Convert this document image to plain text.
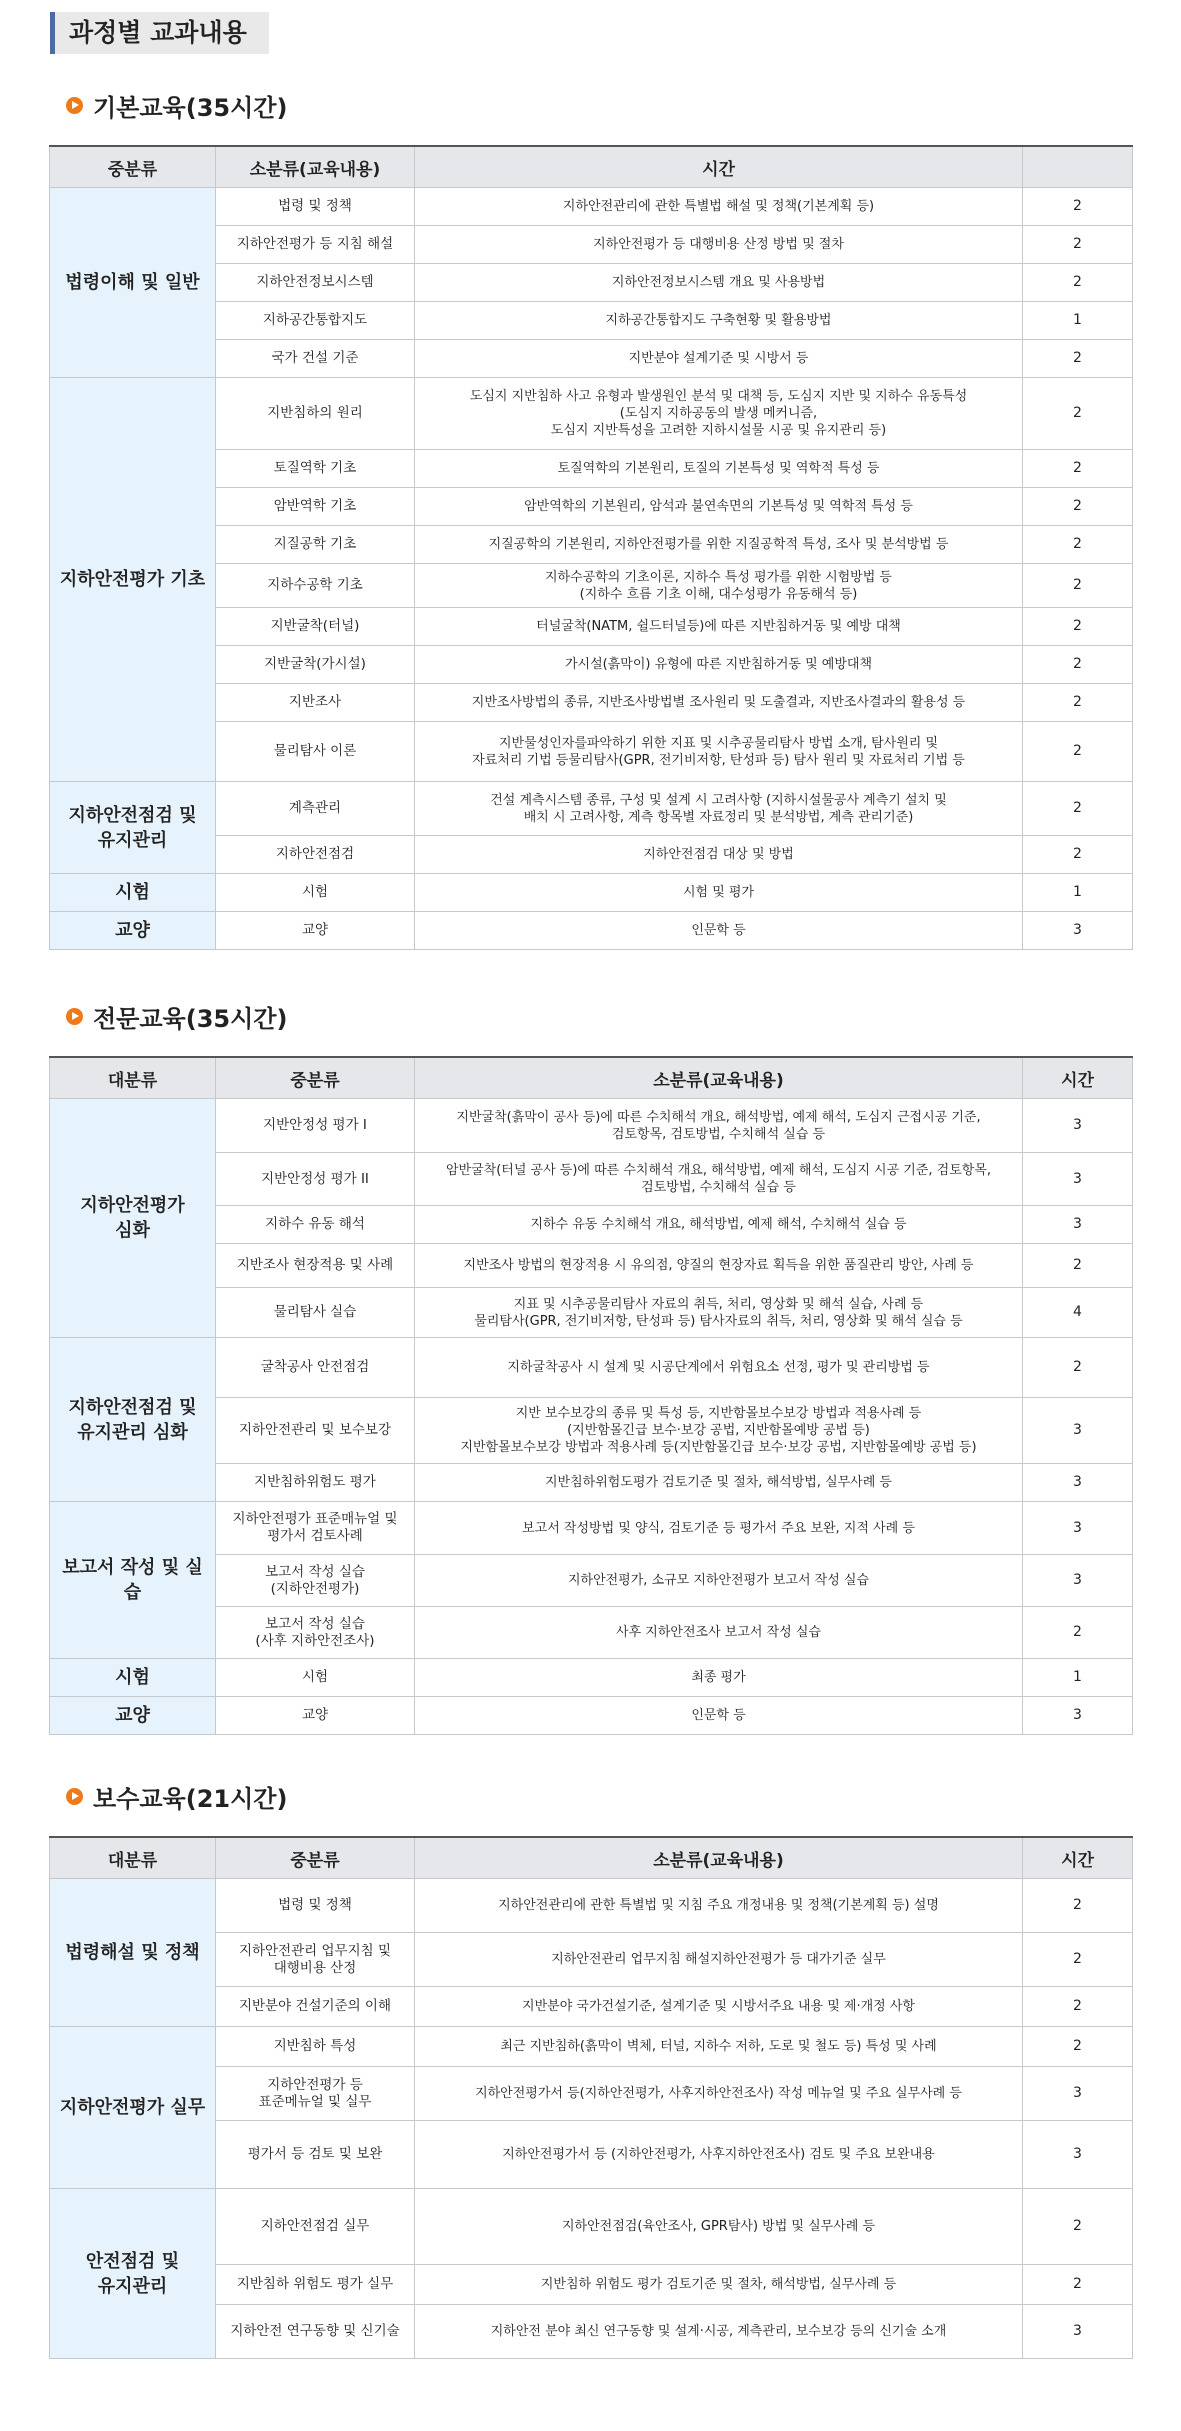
과정별 교과내용
기본교육(35시간)
중분류	소분류(교육내용)	시간	
법령이해 및 일반	법령 및 정책	지하안전관리에 관한 특별법 해설 및 정책(기본계획 등)	2
	지하안전평가 등 지침 해설	지하안전평가 등 대행비용 산정 방법 및 절차	2
	지하안전정보시스템	지하안전정보시스템 개요 및 사용방법	2
	지하공간통합지도	지하공간통합지도 구축현황 및 활용방법	1
	국가 건설 기준	지반분야 설계기준 및 시방서 등	2
지하안전평가 기초	지반침하의 원리	도심지 지반침하 사고 유형과 발생원인 분석 및 대책 등, 도심지 지반 및 지하수 유동특성
(도심지 지하공동의 발생 메커니즘,
도심지 지반특성을 고려한 지하시설물 시공 및 유지관리 등)	2
	토질역학 기초	토질역학의 기본원리, 토질의 기본특성 및 역학적 특성 등	2
	암반역학 기초	암반역학의 기본원리, 암석과 불연속면의 기본특성 및 역학적 특성 등	2
	지질공학 기초	지질공학의 기본원리, 지하안전평가를 위한 지질공학적 특성, 조사 및 분석방법 등	2
	지하수공학 기초	지하수공학의 기초이론, 지하수 특성 평가를 위한 시험방법 등
(지하수 흐름 기초 이해, 대수성평가 유동해석 등)	2
	지반굴착(터널)	터널굴착(NATM, 쉴드터널등)에 따른 지반침하거동 및 예방 대책	2
	지반굴착(가시설)	가시설(흙막이) 유형에 따른 지반침하거동 및 예방대책	2
	지반조사	지반조사방법의 종류, 지반조사방법별 조사원리 및 도출결과, 지반조사결과의 활용성 등	2
	물리탐사 이론	지반물성인자를파악하기 위한 지표 및 시추공물리탐사 방법 소개, 탐사원리 및
자료처리 기법 등물리탐사(GPR, 전기비저항, 탄성파 등) 탐사 원리 및 자료처리 기법 등	2
지하안전점검 및 유지관리	계측관리	건설 계측시스템 종류, 구성 및 설계 시 고려사항 (지하시설물공사 계측기 설치 및
배치 시 고려사항, 계측 항목별 자료정리 및 분석방법, 계측 관리기준)	2
	지하안전점검	지하안전점검 대상 및 방법	2
시험	시험	시험 및 평가	1
교양	교양	인문학 등	3
전문교육(35시간)
대분류	중분류	소분류(교육내용)	시간
지하안전평가
심화	지반안정성 평가 I	지반굴착(흙막이 공사 등)에 따른 수치해석 개요, 해석방법, 예제 해석, 도심지 근접시공 기준,
검토항목, 검토방법, 수치해석 실습 등	3
	지반안정성 평가 II	암반굴착(터널 공사 등)에 따른 수치해석 개요, 해석방법, 예제 해석, 도심지 시공 기준, 검토항목,
검토방법, 수치해석 실습 등	3
	지하수 유동 해석	지하수 유동 수치해석 개요, 해석방법, 예제 해석, 수치해석 실습 등	3
	지반조사 현장적용 및 사례	지반조사 방법의 현장적용 시 유의점, 양질의 현장자료 획득을 위한 품질관리 방안, 사례 등	2
	물리탐사 실습	지표 및 시추공물리탐사 자료의 취득, 처리, 영상화 및 해석 실습, 사례 등
물리탐사(GPR, 전기비저항, 탄성파 등) 탐사자료의 취득, 처리, 영상화 및 해석 실습 등	4
지하안전점검 및 유지관리 심화	굴착공사 안전점검	지하굴착공사 시 설계 및 시공단계에서 위험요소 선정, 평가 및 관리방법 등	2
	지하안전관리 및 보수보강	지반 보수보강의 종류 및 특성 등, 지반함몰보수보강 방법과 적용사례 등
(지반함몰긴급 보수·보강 공법, 지반함몰예방 공법 등)
지반함몰보수보강 방법과 적용사례 등(지반함몰긴급 보수·보강 공법, 지반함몰예방 공법 등)	3
	지반침하위험도 평가	지반침하위험도평가 검토기준 및 절차, 해석방법, 실무사례 등	3
보고서 작성 및 실습	지하안전평가 표준매뉴얼 및
평가서 검토사례	보고서 작성방법 및 양식, 검토기준 등 평가서 주요 보완, 지적 사례 등	3
	보고서 작성 실습
(지하안전평가)	지하안전평가, 소규모 지하안전평가 보고서 작성 실습	3
	보고서 작성 실습
(사후 지하안전조사)	사후 지하안전조사 보고서 작성 실습	2
시험	시험	최종 평가	1
교양	교양	인문학 등	3
보수교육(21시간)
대분류	중분류	소분류(교육내용)	시간
법령해설 및 정책	법령 및 정책	지하안전관리에 관한 특별법 및 지침 주요 개정내용 및 정책(기본계획 등) 설명	2
	지하안전관리 업무지침 및
대행비용 산정	지하안전관리 업무지침 해설지하안전평가 등 대가기준 실무	2
	지반분야 건설기준의 이해	지반분야 국가건설기준, 설계기준 및 시방서주요 내용 및 제·개정 사항	2
지하안전평가 실무	지반침하 특성	최근 지반침하(흙막이 벽체, 터널, 지하수 저하, 도로 및 철도 등) 특성 및 사례	2
	지하안전평가 등
표준메뉴얼 및 실무	지하안전평가서 등(지하안전평가, 사후지하안전조사) 작성 메뉴얼 및 주요 실무사례 등	3
	평가서 등 검토 및 보완	지하안전평가서 등 (지하안전평가, 사후지하안전조사) 검토 및 주요 보완내용	3
안전점검 및
유지관리	지하안전점검 실무	지하안전점검(육안조사, GPR탐사) 방법 및 실무사례 등	2
	지반침하 위험도 평가 실무	지반침하 위험도 평가 검토기준 및 절차, 해석방법, 실무사례 등	2
	지하안전 연구동향 및 신기술	지하안전 분야 최신 연구동향 및 설계·시공, 계측관리, 보수보강 등의 신기술 소개	3
